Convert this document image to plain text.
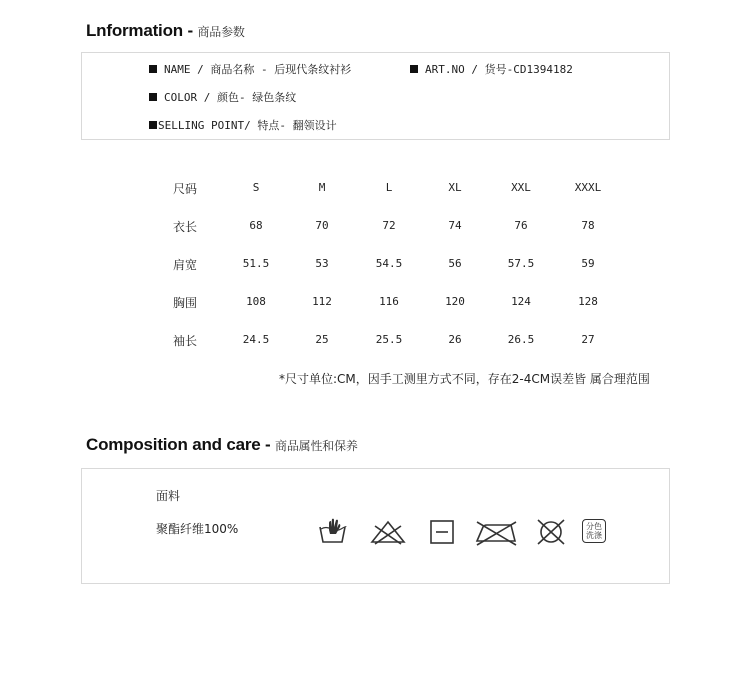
Lnformation - 商品参数
NAME / 商品名称 - 后现代条纹衬衫	ART.NO / 货号-CD1394182
COLOR / 颜色- 绿色条纹
SELLING POINT/ 特点- 翻领设计
尺码	S	M	L	XL	XXL	XXXL
衣长	68	70	72	74	76	78
肩宽	51.5	53	54.5	56	57.5	59
胸围	108	112	116	120	124	128
袖长	24.5	25	25.5	26	26.5	27
*尺寸单位:CM，因手工测里方式不同，存在2-4CM误差皆 属合理范围
Composition and care - 商品属性和保养
面料
聚酯纤维100%	分色
洗涤
